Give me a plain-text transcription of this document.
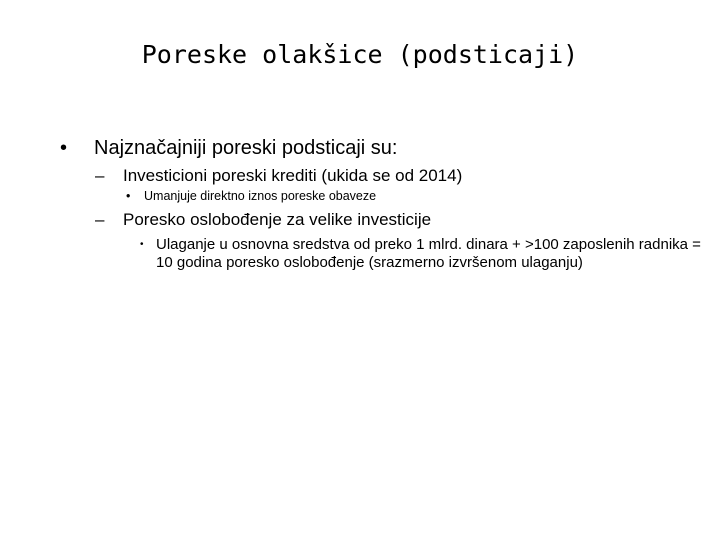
Poreske olakšice (podsticaji)
• Najznačajniji poreski podsticaji su:
– Investicioni poreski krediti (ukida se od 2014)
• Umanjuje direktno iznos poreske obaveze
– Poresko oslobođenje za velike investicije
• Ulaganje u osnovna sredstva od preko 1 mlrd. dinara + >100 zaposlenih radnika = 10 godina poresko oslobođenje (srazmerno izvršenom ulaganju)
